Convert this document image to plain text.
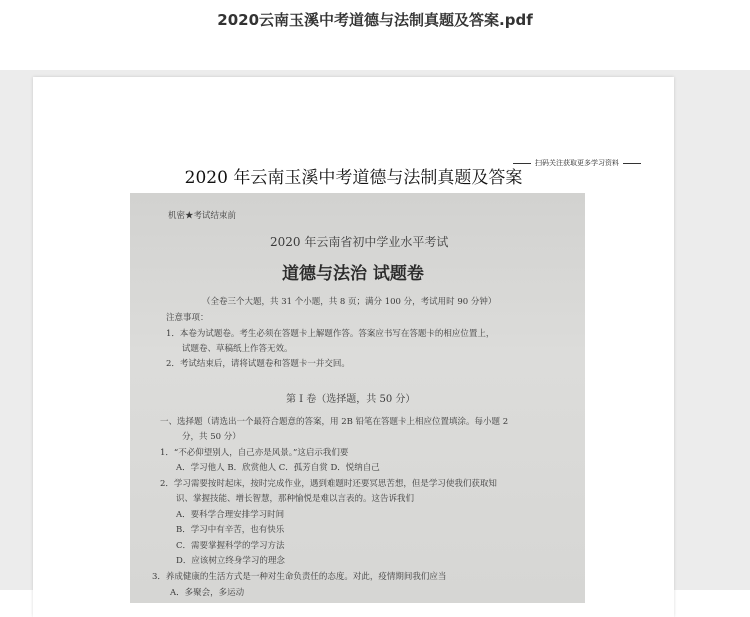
2020云南玉溪中考道德与法制真题及答案.pdf
扫码关注获取更多学习资料
2020 年云南玉溪中考道德与法制真题及答案
机密★考试结束前
2020 年云南省初中学业水平考试
道德与法治 试题卷
（全卷三个大题，共 31 个小题，共 8 页；满分 100 分，考试用时 90 分钟）
注意事项：
1．本卷为试题卷。考生必须在答题卡上解题作答。答案应书写在答题卡的相应位置上，
试题卷、草稿纸上作答无效。
2．考试结束后，请将试题卷和答题卡一并交回。
第 I 卷（选择题，共 50 分）
一、选择题（请选出一个最符合题意的答案，用 2B 铅笔在答题卡上相应位置填涂。每小题 2
分，共 50 分）
1．“不必仰望别人，自己亦是风景。”这启示我们要
A．学习他人 B．欣赏他人 C．孤芳自赏 D．悦纳自己
2．学习需要按时起床，按时完成作业，遇到难题时还要冥思苦想，但是学习使我们获取知
识、掌握技能、增长智慧，那种愉悦是难以言表的。这告诉我们
A．要科学合理安排学习时间
B．学习中有辛苦，也有快乐
C．需要掌握科学的学习方法
D．应该树立终身学习的理念
3．养成健康的生活方式是一种对生命负责任的态度。对此，疫情期间我们应当
A．多聚会，多运动
